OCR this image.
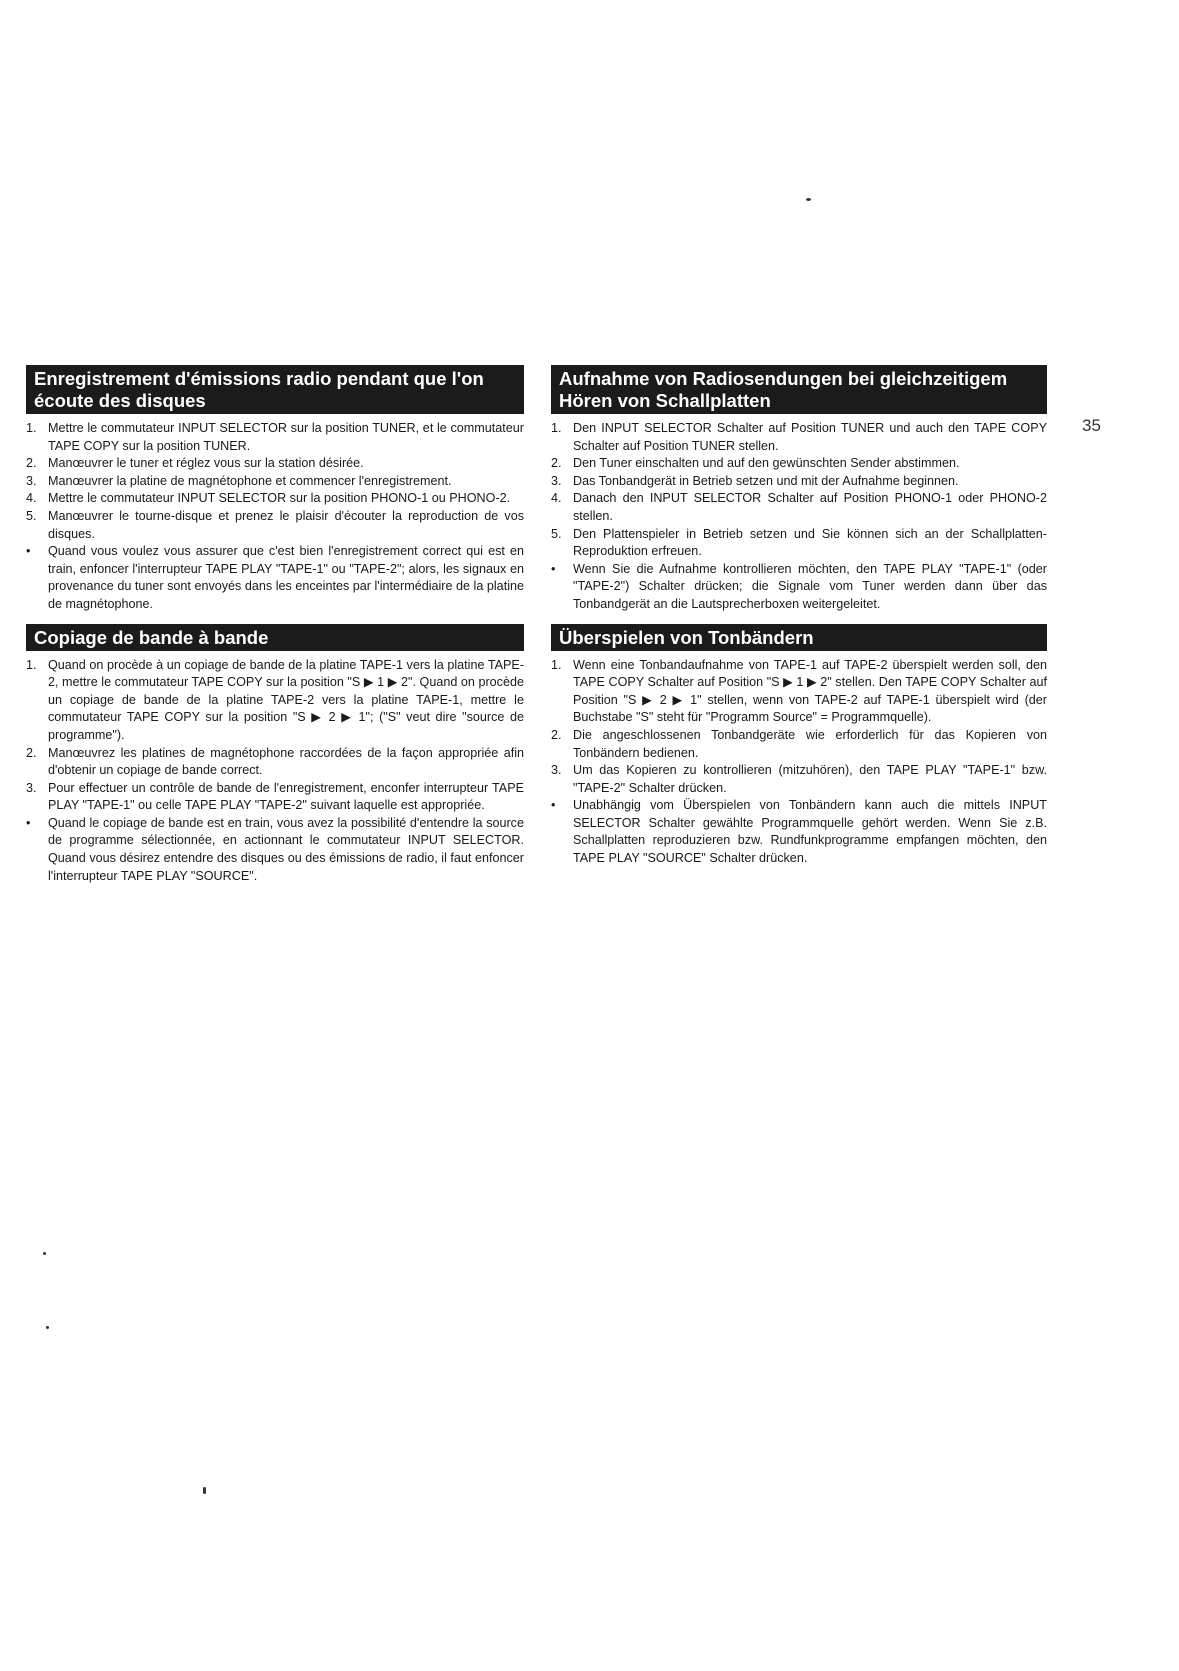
Enregistrement d'émissions radio pendant que l'on écoute des disques
1. Mettre le commutateur INPUT SELECTOR sur la position TUNER, et le commutateur TAPE COPY sur la position TUNER.
2. Manœuvrer le tuner et réglez vous sur la station désirée.
3. Manœuvrer la platine de magnétophone et commencer l'enregistrement.
4. Mettre le commutateur INPUT SELECTOR sur la position PHONO-1 ou PHONO-2.
5. Manœuvrer le tourne-disque et prenez le plaisir d'écouter la reproduction de vos disques.
•	Quand vous voulez vous assurer que c'est bien l'enregistrement correct qui est en train, enfoncer l'interrupteur TAPE PLAY "TAPE-1" ou "TAPE-2"; alors, les signaux en provenance du tuner sont envoyés dans les enceintes par l'intermédiaire de la platine de magnétophone.
Copiage de bande à bande
1. Quand on procède à un copiage de bande de la platine TAPE-1 vers la platine TAPE-2, mettre le commutateur TAPE COPY sur la position "S ▶ 1 ▶ 2". Quand on procède un copiage de bande de la platine TAPE-2 vers la platine TAPE-1, mettre le commutateur TAPE COPY sur la position "S ▶ 2 ▶ 1"; ("S" veut dire "source de programme").
2. Manœuvrez les platines de magnétophone raccordées de la façon appropriée afin d'obtenir un copiage de bande correct.
3. Pour effectuer un contrôle de bande de l'enregistrement, enconfer interrupteur TAPE PLAY "TAPE-1" ou celle TAPE PLAY "TAPE-2" suivant laquelle est appropriée.
•	Quand le copiage de bande est en train, vous avez la possibilité d'entendre la source de programme sélectionnée, en actionnant le commutateur INPUT SELECTOR. Quand vous désirez entendre des disques ou des émissions de radio, il faut enfoncer l'interrupteur TAPE PLAY "SOURCE".
Aufnahme von Radiosendungen bei gleichzeitigem Hören von Schallplatten
1. Den INPUT SELECTOR Schalter auf Position TUNER und auch den TAPE COPY Schalter auf Position TUNER stellen.
2. Den Tuner einschalten und auf den gewünschten Sender abstimmen.
3. Das Tonbandgerät in Betrieb setzen und mit der Aufnahme beginnen.
4. Danach den INPUT SELECTOR Schalter auf Position PHONO-1 oder PHONO-2 stellen.
5. Den Plattenspieler in Betrieb setzen und Sie können sich an der Schallplatten-Reproduktion erfreuen.
•	Wenn Sie die Aufnahme kontrollieren möchten, den TAPE PLAY "TAPE-1" (oder "TAPE-2") Schalter drücken; die Signale vom Tuner werden dann über das Tonbandgerät an die Lautsprecherboxen weitergeleitet.
Überspielen von Tonbändern
1. Wenn eine Tonbandaufnahme von TAPE-1 auf TAPE-2 überspielt werden soll, den TAPE COPY Schalter auf Position "S ▶ 1 ▶ 2" stellen. Den TAPE COPY Schalter auf Position "S ▶ 2 ▶ 1" stellen, wenn von TAPE-2 auf TAPE-1 überspielt wird (der Buchstabe "S" steht für "Programm Source" = Programmquelle).
2. Die angeschlossenen Tonbandgeräte wie erforderlich für das Kopieren von Tonbändern bedienen.
3. Um das Kopieren zu kontrollieren (mitzuhören), den TAPE PLAY "TAPE-1" bzw. "TAPE-2" Schalter drücken.
•	Unabhängig vom Überspielen von Tonbändern kann auch die mittels INPUT SELECTOR Schalter gewählte Programmquelle gehört werden. Wenn Sie z.B. Schallplatten reproduzieren bzw. Rundfunkprogramme empfangen möchten, den TAPE PLAY "SOURCE" Schalter drücken.
35
